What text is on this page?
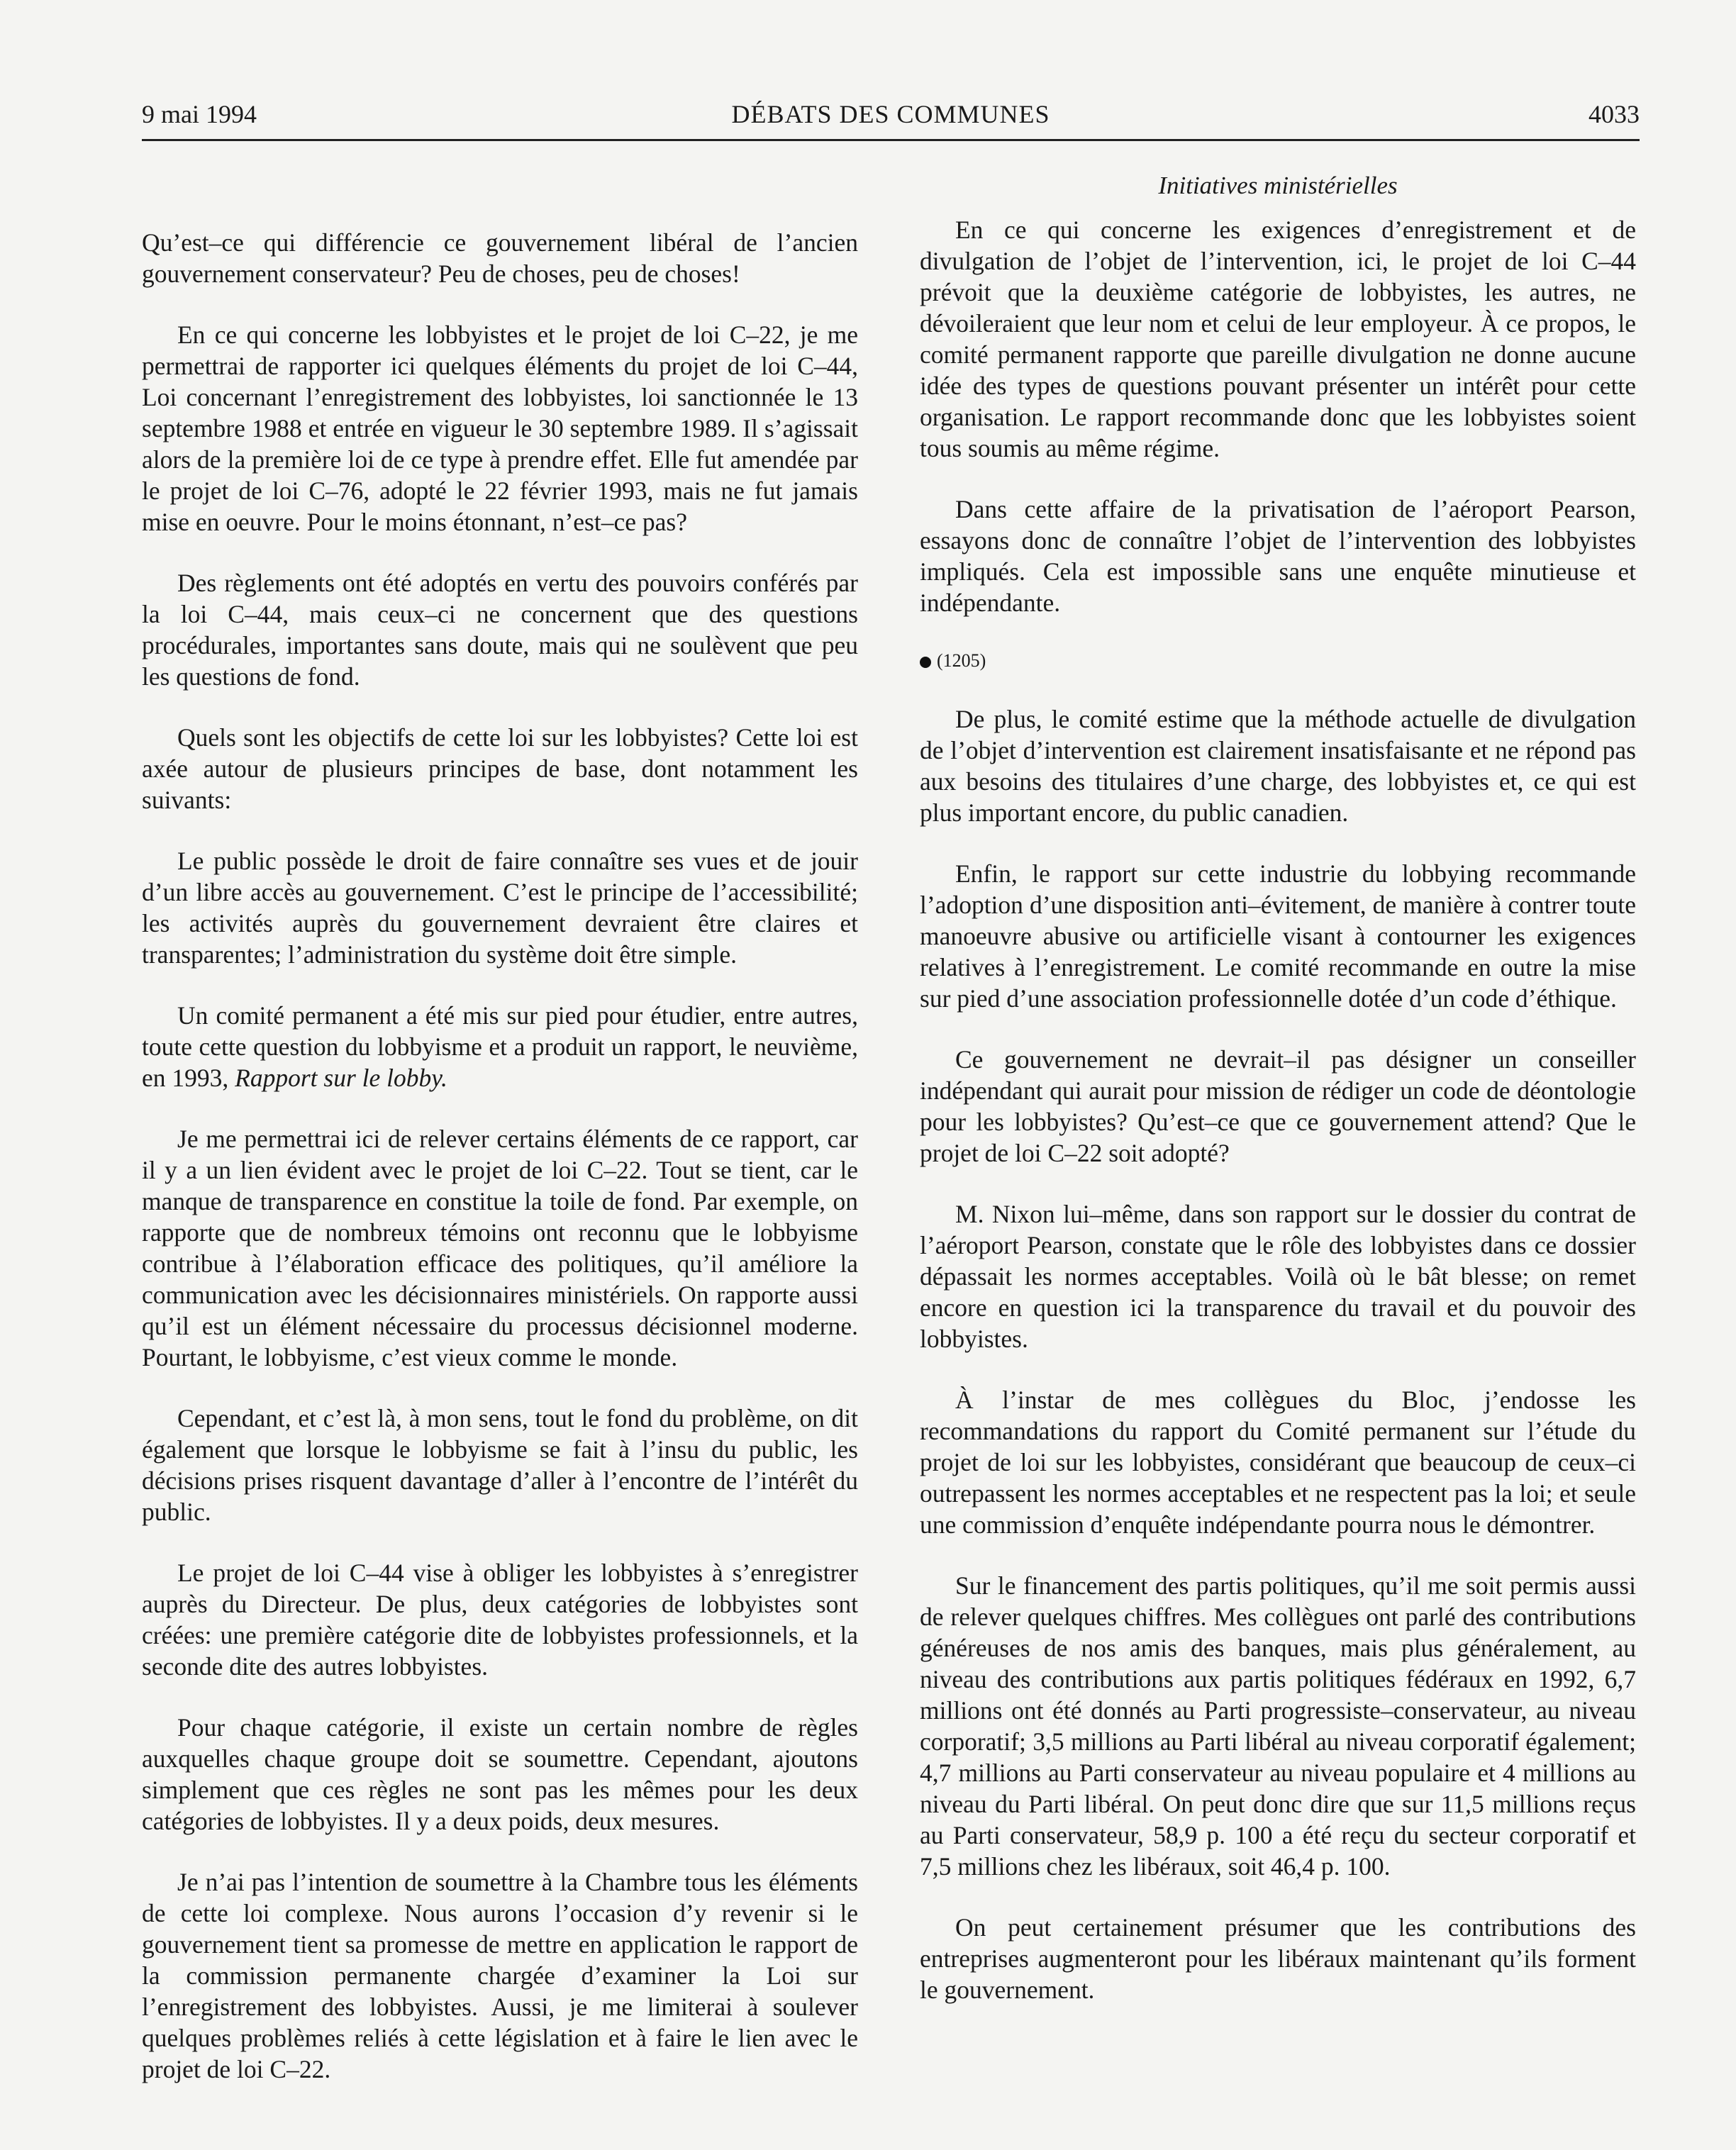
9 mai 1994	DÉBATS DES COMMUNES	4033

Qu’est–ce qui différencie ce gouvernement libéral de l’ancien gouvernement conservateur? Peu de choses, peu de choses!

En ce qui concerne les lobbyistes et le projet de loi C–22, je me permettrai de rapporter ici quelques éléments du projet de loi C–44, Loi concernant l’enregistrement des lobbyistes, loi sanctionnée le 13 septembre 1988 et entrée en vigueur le 30 septembre 1989. Il s’agissait alors de la première loi de ce type à prendre effet. Elle fut amendée par le projet de loi C–76, adopté le 22 février 1993, mais ne fut jamais mise en oeuvre. Pour le moins étonnant, n’est–ce pas?

Des règlements ont été adoptés en vertu des pouvoirs conférés par la loi C–44, mais ceux–ci ne concernent que des questions procédurales, importantes sans doute, mais qui ne soulèvent que peu les questions de fond.

Quels sont les objectifs de cette loi sur les lobbyistes? Cette loi est axée autour de plusieurs principes de base, dont notamment les suivants:

Le public possède le droit de faire connaître ses vues et de jouir d’un libre accès au gouvernement. C’est le principe de l’accessibilité; les activités auprès du gouvernement devraient être claires et transparentes; l’administration du système doit être simple.

Un comité permanent a été mis sur pied pour étudier, entre autres, toute cette question du lobbyisme et a produit un rapport, le neuvième, en 1993, Rapport sur le lobby.

Je me permettrai ici de relever certains éléments de ce rapport, car il y a un lien évident avec le projet de loi C–22. Tout se tient, car le manque de transparence en constitue la toile de fond. Par exemple, on rapporte que de nombreux témoins ont reconnu que le lobbyisme contribue à l’élaboration efficace des politiques, qu’il améliore la communication avec les décisionnaires ministériels. On rapporte aussi qu’il est un élément nécessaire du processus décisionnel moderne. Pourtant, le lobbyisme, c’est vieux comme le monde.

Cependant, et c’est là, à mon sens, tout le fond du problème, on dit également que lorsque le lobbyisme se fait à l’insu du public, les décisions prises risquent davantage d’aller à l’encontre de l’intérêt du public.

Le projet de loi C–44 vise à obliger les lobbyistes à s’enregistrer auprès du Directeur. De plus, deux catégories de lobbyistes sont créées: une première catégorie dite de lobbyistes professionnels, et la seconde dite des autres lobbyistes.

Pour chaque catégorie, il existe un certain nombre de règles auxquelles chaque groupe doit se soumettre. Cependant, ajoutons simplement que ces règles ne sont pas les mêmes pour les deux catégories de lobbyistes. Il y a deux poids, deux mesures.

Je n’ai pas l’intention de soumettre à la Chambre tous les éléments de cette loi complexe. Nous aurons l’occasion d’y revenir si le gouvernement tient sa promesse de mettre en application le rapport de la commission permanente chargée d’examiner la Loi sur l’enregistrement des lobbyistes. Aussi, je me limiterai à soulever quelques problèmes reliés à cette législation et à faire le lien avec le projet de loi C–22.

Initiatives ministérielles

En ce qui concerne les exigences d’enregistrement et de divulgation de l’objet de l’intervention, ici, le projet de loi C–44 prévoit que la deuxième catégorie de lobbyistes, les autres, ne dévoileraient que leur nom et celui de leur employeur. À ce propos, le comité permanent rapporte que pareille divulgation ne donne aucune idée des types de questions pouvant présenter un intérêt pour cette organisation. Le rapport recommande donc que les lobbyistes soient tous soumis au même régime.

Dans cette affaire de la privatisation de l’aéroport Pearson, essayons donc de connaître l’objet de l’intervention des lobbyistes impliqués. Cela est impossible sans une enquête minutieuse et indépendante.

(1205)

De plus, le comité estime que la méthode actuelle de divulgation de l’objet d’intervention est clairement insatisfaisante et ne répond pas aux besoins des titulaires d’une charge, des lobbyistes et, ce qui est plus important encore, du public canadien.

Enfin, le rapport sur cette industrie du lobbying recommande l’adoption d’une disposition anti–évitement, de manière à contrer toute manoeuvre abusive ou artificielle visant à contourner les exigences relatives à l’enregistrement. Le comité recommande en outre la mise sur pied d’une association professionnelle dotée d’un code d’éthique.

Ce gouvernement ne devrait–il pas désigner un conseiller indépendant qui aurait pour mission de rédiger un code de déontologie pour les lobbyistes? Qu’est–ce que ce gouvernement attend? Que le projet de loi C–22 soit adopté?

M. Nixon lui–même, dans son rapport sur le dossier du contrat de l’aéroport Pearson, constate que le rôle des lobbyistes dans ce dossier dépassait les normes acceptables. Voilà où le bât blesse; on remet encore en question ici la transparence du travail et du pouvoir des lobbyistes.

À l’instar de mes collègues du Bloc, j’endosse les recommandations du rapport du Comité permanent sur l’étude du projet de loi sur les lobbyistes, considérant que beaucoup de ceux–ci outrepassent les normes acceptables et ne respectent pas la loi; et seule une commission d’enquête indépendante pourra nous le démontrer.

Sur le financement des partis politiques, qu’il me soit permis aussi de relever quelques chiffres. Mes collègues ont parlé des contributions généreuses de nos amis des banques, mais plus généralement, au niveau des contributions aux partis politiques fédéraux en 1992, 6,7 millions ont été donnés au Parti progressiste–conservateur, au niveau corporatif; 3,5 millions au Parti libéral au niveau corporatif également; 4,7 millions au Parti conservateur au niveau populaire et 4 millions au niveau du Parti libéral. On peut donc dire que sur 11,5 millions reçus au Parti conservateur, 58,9 p. 100 a été reçu du secteur corporatif et 7,5 millions chez les libéraux, soit 46,4 p. 100.

On peut certainement présumer que les contributions des entreprises augmenteront pour les libéraux maintenant qu’ils forment le gouvernement.
